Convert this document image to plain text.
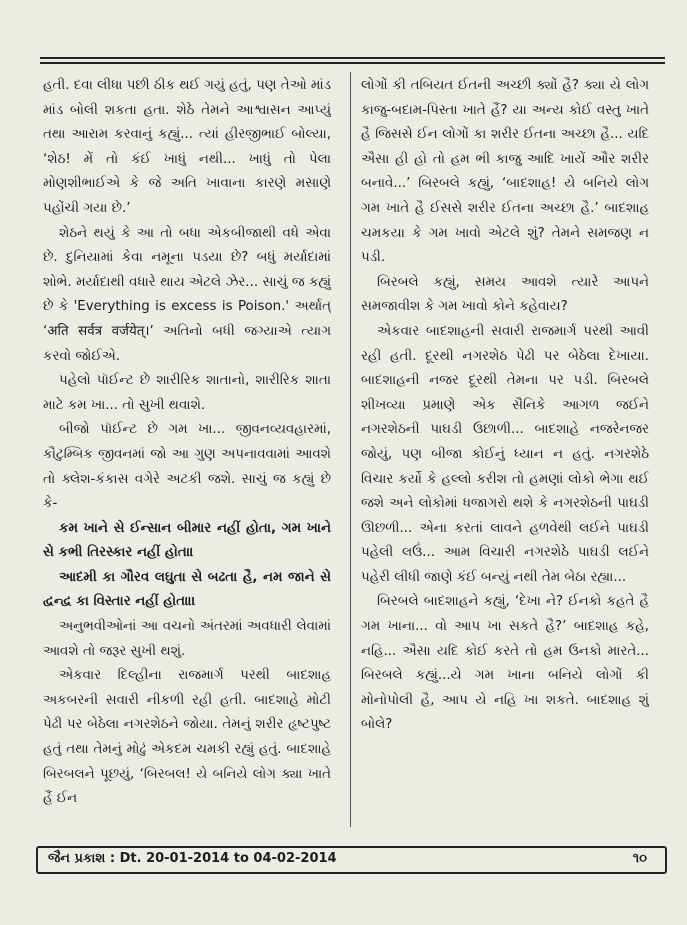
હતી. દવા લીધા પછી ઠીક થઈ ગયું હતું, પણ તેઓ માંડ માંડ બોલી શકતા હતા. શેઠે તેમને આશ્વાસન આપ્યું તથા આરામ કરવાનું કહ્યું... ત્યાં હીરજીભાઈ બોલ્યા, ‘શેઠ! મેં તો કંઈ ખાધું નથી... ખાધું તો પેલા મોણશીભાઈએ કે જે અતિ ખાવાના કારણે મસાણે પહોંચી ગયા છે.’

શેઠને થયું કે આ તો બધા એકબીજાથી વધે એવા છે. દુનિયામાં કેવા નમૂના પડયા છે? બધું મર્યાદામાં શોભે. મર્યાદાથી વધારે થાય એટલે ઝેર... સાચું જ કહ્યું છે કે 'Everything is excess is Poison.' અર્થાત્ ‘अति सर्वत्र वर्जयेत्।’ અતિનો બધી જગ્યાએ ત્યાગ કરવો જોઈએ.

પહેલો પૉઈન્ટ છે શારીરિક શાતાનો, શારીરિક શાતા માટે કમ ખા... તો સુખી થવાશે.

બીજો પૉઈન્ટ છે ગમ ખા... જીવનવ્યવહારમાં, કૌટુમ્બિક જીવનમાં જો આ ગુણ અપનાવવામાં આવશે તો ક્લેશ-કંકાસ વગેરે અટકી જશે. સાચું જ કહ્યું છે કે-

કમ ખાને સે ઈન્સાન બીમાર નહીં હોતા, ગમ ખાને સે કભી તિરસ્કાર નહીં હોતા।

આદમી કા ગૌરવ લઘુતા સે બઢતા હૈ, નમ જાને સે દ્વન્દ્વ કા વિસ્તાર નહીં હોતા।।

અનુભવીઓનાં આ વચનો અંતરમાં અવધારી લેવામાં આવશે તો જરૂર સુખી થશું.

એકવાર દિલ્હીના રાજમાર્ગ પરથી બાદશાહ અકબરની સવારી નીકળી રહી હતી. બાદશાહે મોટી પેઢી પર બેઠેલા નગરશેઠને જોયા. તેમનું શરીર હૃષ્ટપુષ્ટ હતું તથા તેમનું મોઢું એકદમ ચમકી રહ્યું હતું. બાદશાહે બિરબલને પૂછયું, ‘બિરબલ! યે બનિયે લોગ ક્યા ખાતે હૈં ઈન

લોગોં કી તબિયત ઈતની અચ્છી ક્યોં હૈ? ક્યા યે લોગ કાજુ-બદામ-પિસ્તા ખાતે હૈં? યા અન્ય કોઈ વસ્તુ ખાતે હૈ જિસસે ઈન લોગોં કા શરીર ઈતના અચ્છા હૈ... યદિ ઐસા હી હો તો હમ ભી કાજુ આદિ ખાયેં ઔર શરીર બનાવે...’ બિરબલે કહ્યું, ‘બાદશાહ! યે બનિયે લોગ ગમ ખાતે હૈ ઈસસે શરીર ઈતના અચ્છા હૈ.’ બાદશાહ ચમકયા કે ગમ ખાવો એટલે શું? તેમને સમજણ ન પડી.

બિરબલે કહ્યું, સમય આવશે ત્યારે આપને સમજાવીશ કે ગમ ખાવો કોને કહેવાય?

એકવાર બાદશાહની સવારી રાજમાર્ગ પરથી આવી રહી હતી. દૂરથી નગરશેઠ પેઢી પર બેઠેલા દેખાયા. બાદશાહની નજર દૂરથી તેમના પર પડી. બિરબલે શીખવ્યા પ્રમાણે એક સૈનિકે આગળ જઈને નગરશેઠની પાઘડી ઉછાળી... બાદશાહે નજરેનજર જોયું, પણ બીજા કોઈનું ધ્યાન ન હતું. નગરશેઠે વિચાર કર્યો કે હલ્લો કરીશ તો હમણાં લોકો ભેગા થઈ જશે અને લોકોમાં ધજાગરો થશે કે નગરશેઠની પાઘડી ઊછળી... એના કરતાં લાવને હળવેથી લઈને પાઘડી પહેલી લઉં... આમ વિચારી નગરશેઠે પાઘડી લઈને પહેરી લીધી જાણે કંઈ બન્યું નથી તેમ બેઠા રહ્યા...

બિરબલે બાદશાહને કહ્યું, ‘દેખા ને? ઈનકો કહતે હૈ ગમ ખાના... વો આપ ખા સકતે હૈ?’ બાદશાહ કહે, નહિ... ઐસા યદિ કોઈ કરતે તો હમ ઉનકો મારતે... બિરબલે કહ્યું...યે ગમ ખાના બનિયે લોગોં કી મોનોપોલી હૈ, આપ યે નહિ ખા શકતે. બાદશાહ શું બોલે?

જૈન પ્રકાશ : Dt. 20-01-2014 to 04-02-2014	૧૦
